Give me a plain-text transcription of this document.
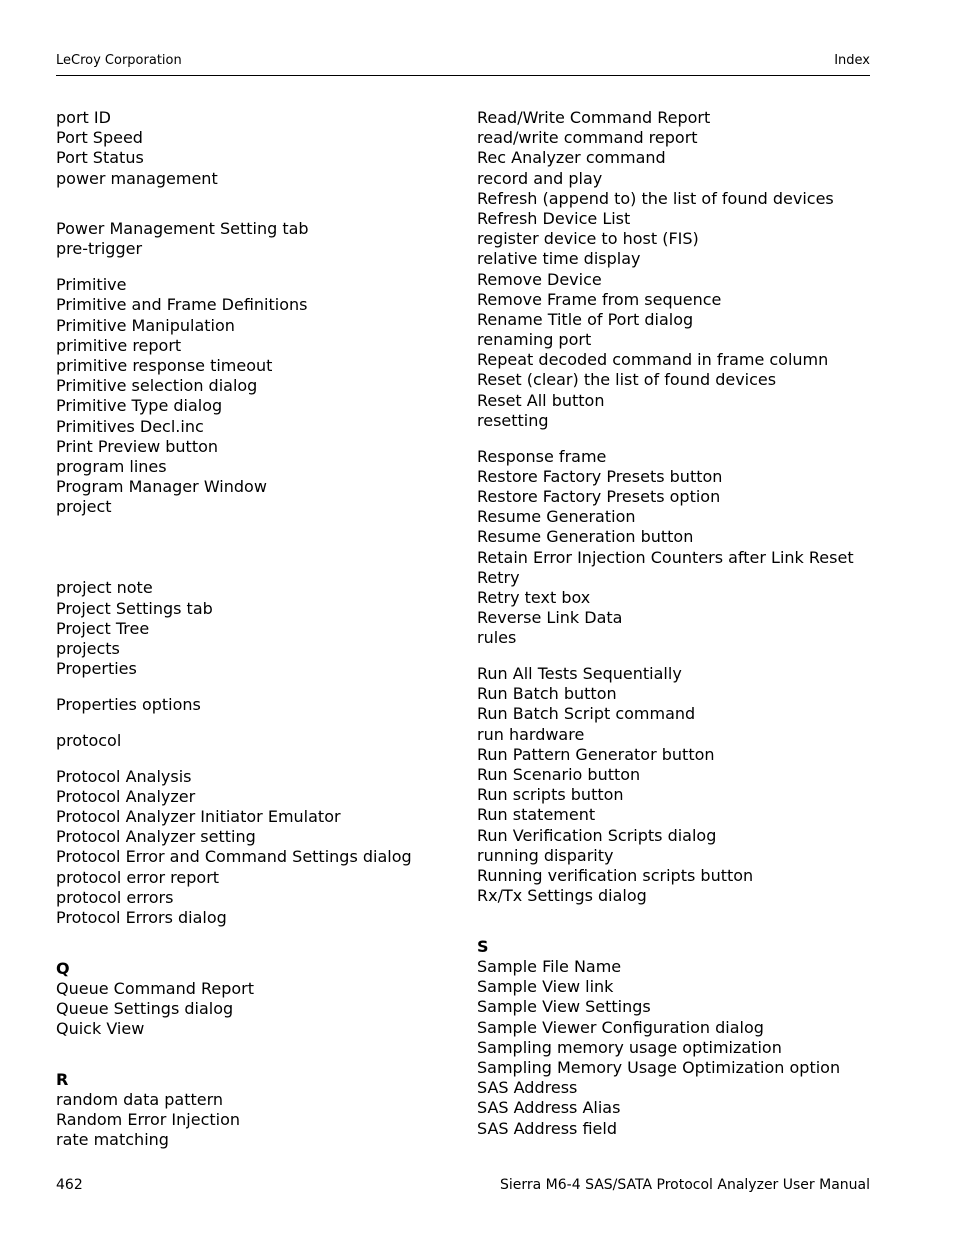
LeCroy Corporation	Index
port ID
Port Speed
Port Status
power management
Power Management Setting tab
pre-trigger
Primitive
Primitive and Frame Definitions
Primitive Manipulation
primitive report
primitive response timeout
Primitive selection dialog
Primitive Type dialog
Primitives Decl.inc
Print Preview button
program lines
Program Manager Window
project
project note
Project Settings tab
Project Tree
projects
Properties
Properties options
protocol
Protocol Analysis
Protocol Analyzer
Protocol Analyzer Initiator Emulator
Protocol Analyzer setting
Protocol Error and Command Settings dialog
protocol error report
protocol errors
Protocol Errors dialog
Q
Queue Command Report
Queue Settings dialog
Quick View
R
random data pattern
Random Error Injection
rate matching
Read/Write Command Report
read/write command report
Rec Analyzer command
record and play
Refresh (append to) the list of found devices
Refresh Device List
register device to host (FIS)
relative time display
Remove Device
Remove Frame from sequence
Rename Title of Port dialog
renaming port
Repeat decoded command in frame column
Reset (clear) the list of found devices
Reset All button
resetting
Response frame
Restore Factory Presets button
Restore Factory Presets option
Resume Generation
Resume Generation button
Retain Error Injection Counters after Link Reset
Retry
Retry text box
Reverse Link Data
rules
Run All Tests Sequentially
Run Batch button
Run Batch Script command
run hardware
Run Pattern Generator button
Run Scenario button
Run scripts button
Run statement
Run Verification Scripts dialog
running disparity
Running verification scripts button
Rx/Tx Settings dialog
S
Sample File Name
Sample View link
Sample View Settings
Sample Viewer Configuration dialog
Sampling memory usage optimization
Sampling Memory Usage Optimization option
SAS Address
SAS Address Alias
SAS Address field
462	Sierra M6-4 SAS/SATA Protocol Analyzer User Manual
